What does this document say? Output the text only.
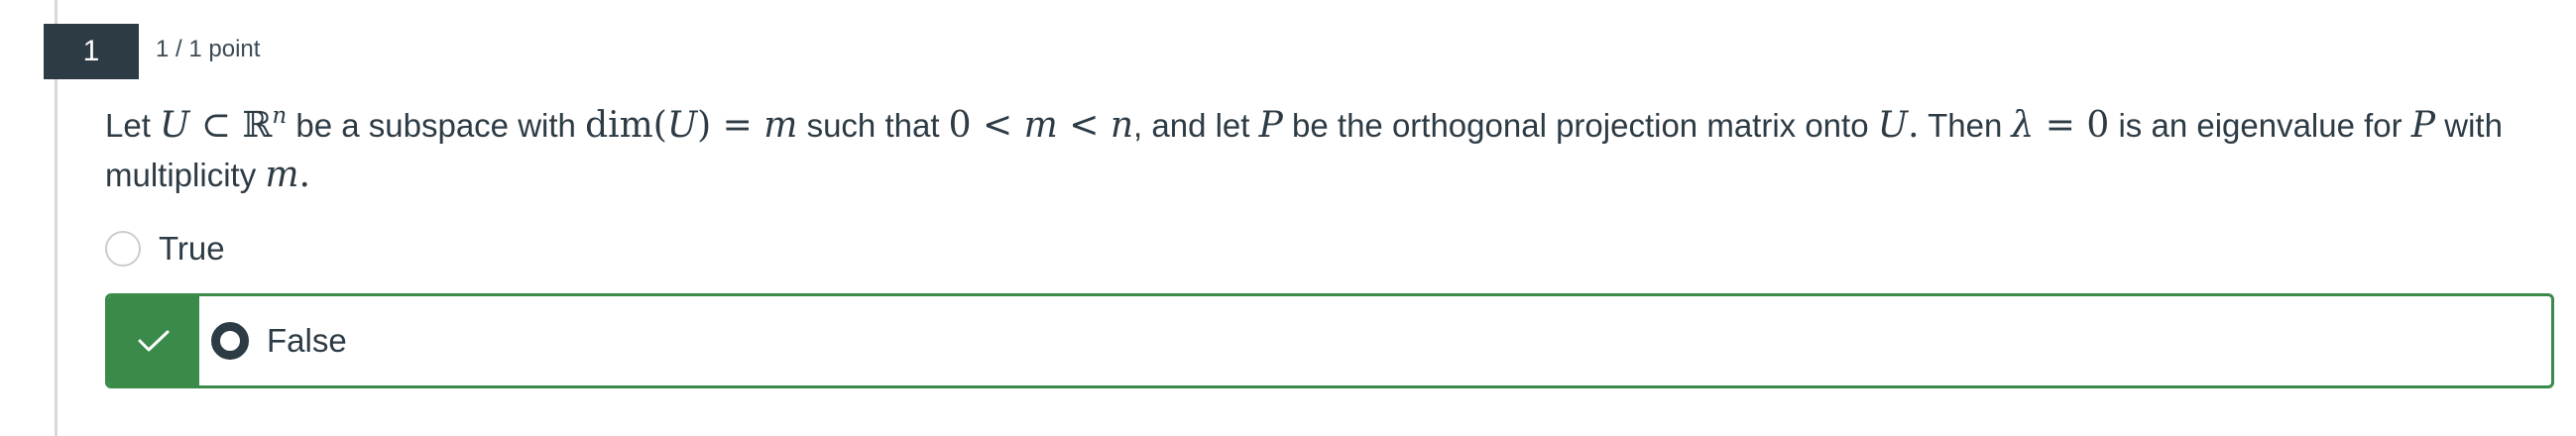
1	1 / 1 point
Let U ⊂ ℝ$^n$ be a subspace with dim(U) = m such that 0 < m < n, and let P be the orthogonal projection matrix onto U. Then λ = 0 is an eigenvalue for P with multiplicity m.
True
False
